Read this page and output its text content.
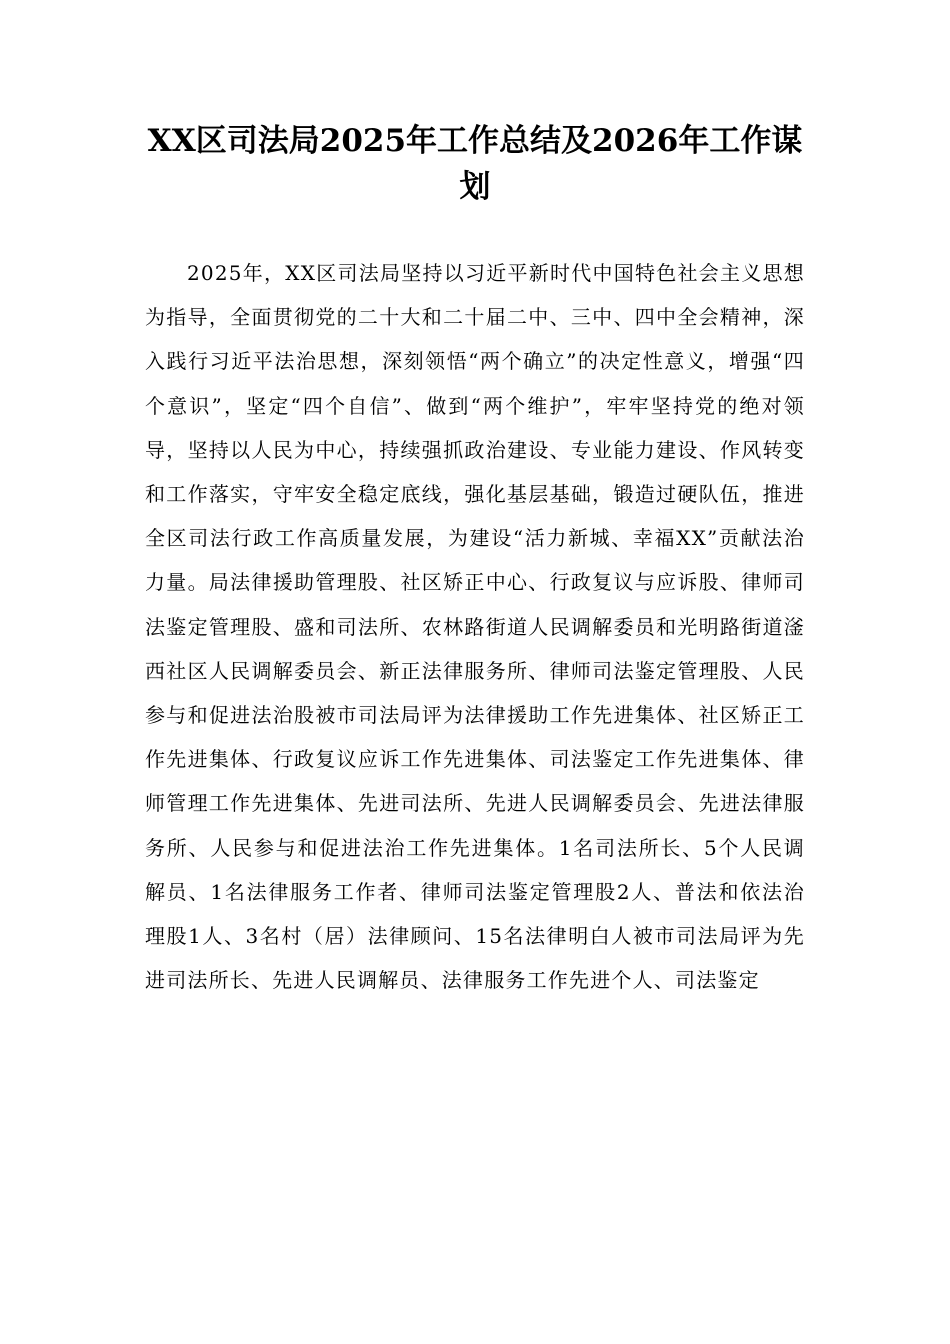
XX区司法局2025年工作总结及2026年工作谋划

2025年，XX区司法局坚持以习近平新时代中国特色社会主义思想为指导，全面贯彻党的二十大和二十届二中、三中、四中全会精神，深入践行习近平法治思想，深刻领悟“两个确立”的决定性意义，增强“四个意识”，坚定“四个自信”、做到“两个维护”，牢牢坚持党的绝对领导，坚持以人民为中心，持续强抓政治建设、专业能力建设、作风转变和工作落实，守牢安全稳定底线，强化基层基础，锻造过硬队伍，推进全区司法行政工作高质量发展，为建设“活力新城、幸福XX”贡献法治力量。局法律援助管理股、社区矫正中心、行政复议与应诉股、律师司法鉴定管理股、盛和司法所、农林路街道人民调解委员和光明路街道滏西社区人民调解委员会、新正法律服务所、律师司法鉴定管理股、人民参与和促进法治股被市司法局评为法律援助工作先进集体、社区矫正工作先进集体、行政复议应诉工作先进集体、司法鉴定工作先进集体、律师管理工作先进集体、先进司法所、先进人民调解委员会、先进法律服务所、人民参与和促进法治工作先进集体。1名司法所长、5个人民调解员、1名法律服务工作者、律师司法鉴定管理股2人、普法和依法治理股1人、3名村（居）法律顾问、15名法律明白人被市司法局评为先进司法所长、先进人民调解员、法律服务工作先进个人、司法鉴定
